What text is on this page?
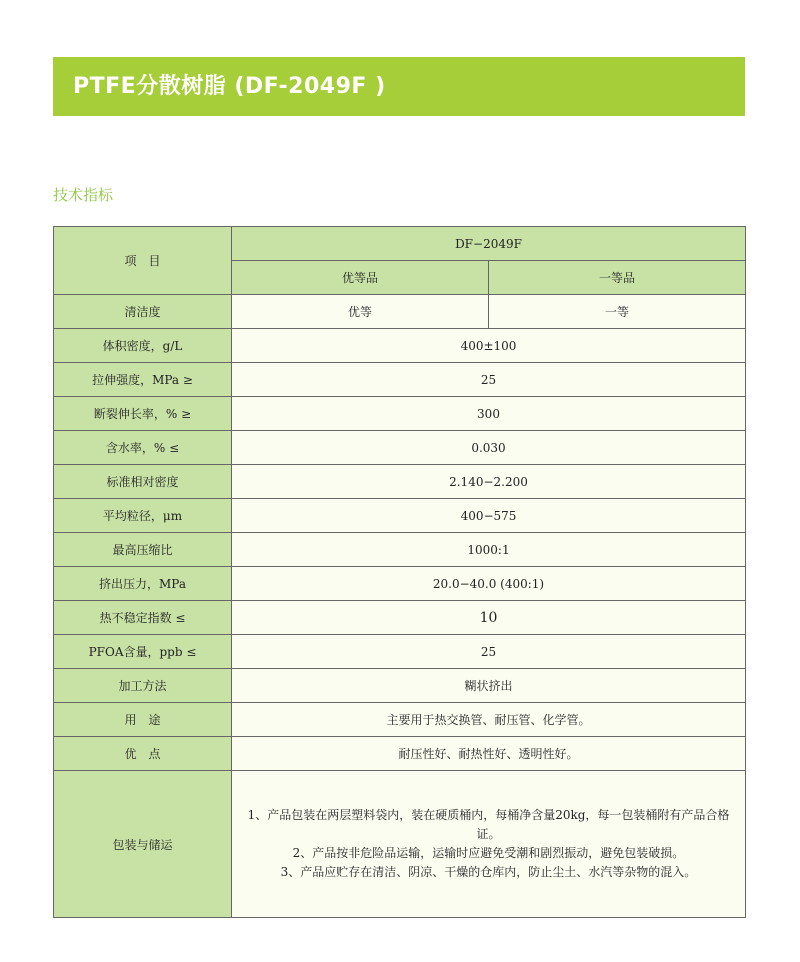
PTFE分散树脂 (DF-2049F )
技术指标
项　目	DF−2049F	
	优等品	一等品
清洁度	优等	一等
体积密度，g/L	400±100	
拉伸强度，MPa ≥	25	
断裂伸长率，% ≥	300	
含水率，% ≤	0.030	
标准相对密度	2.140−2.200	
平均粒径，μm	400−575	
最高压缩比	1000:1	
挤出压力，MPa	20.0−40.0 (400:1)	
热不稳定指数 ≤	10	
PFOA含量，ppb ≤	25	
加工方法	糊状挤出	
用　途	主要用于热交换管、耐压管、化学管。	
优　点	耐压性好、耐热性好、透明性好。	
包装与储运	1、产品包装在两层塑料袋内，装在硬质桶内，每桶净含量20kg，每一包装桶附有产品合格证。
2、产品按非危险品运输，运输时应避免受潮和剧烈振动，避免包装破损。
3、产品应贮存在清洁、阴凉、干燥的仓库内，防止尘土、水汽等杂物的混入。	
